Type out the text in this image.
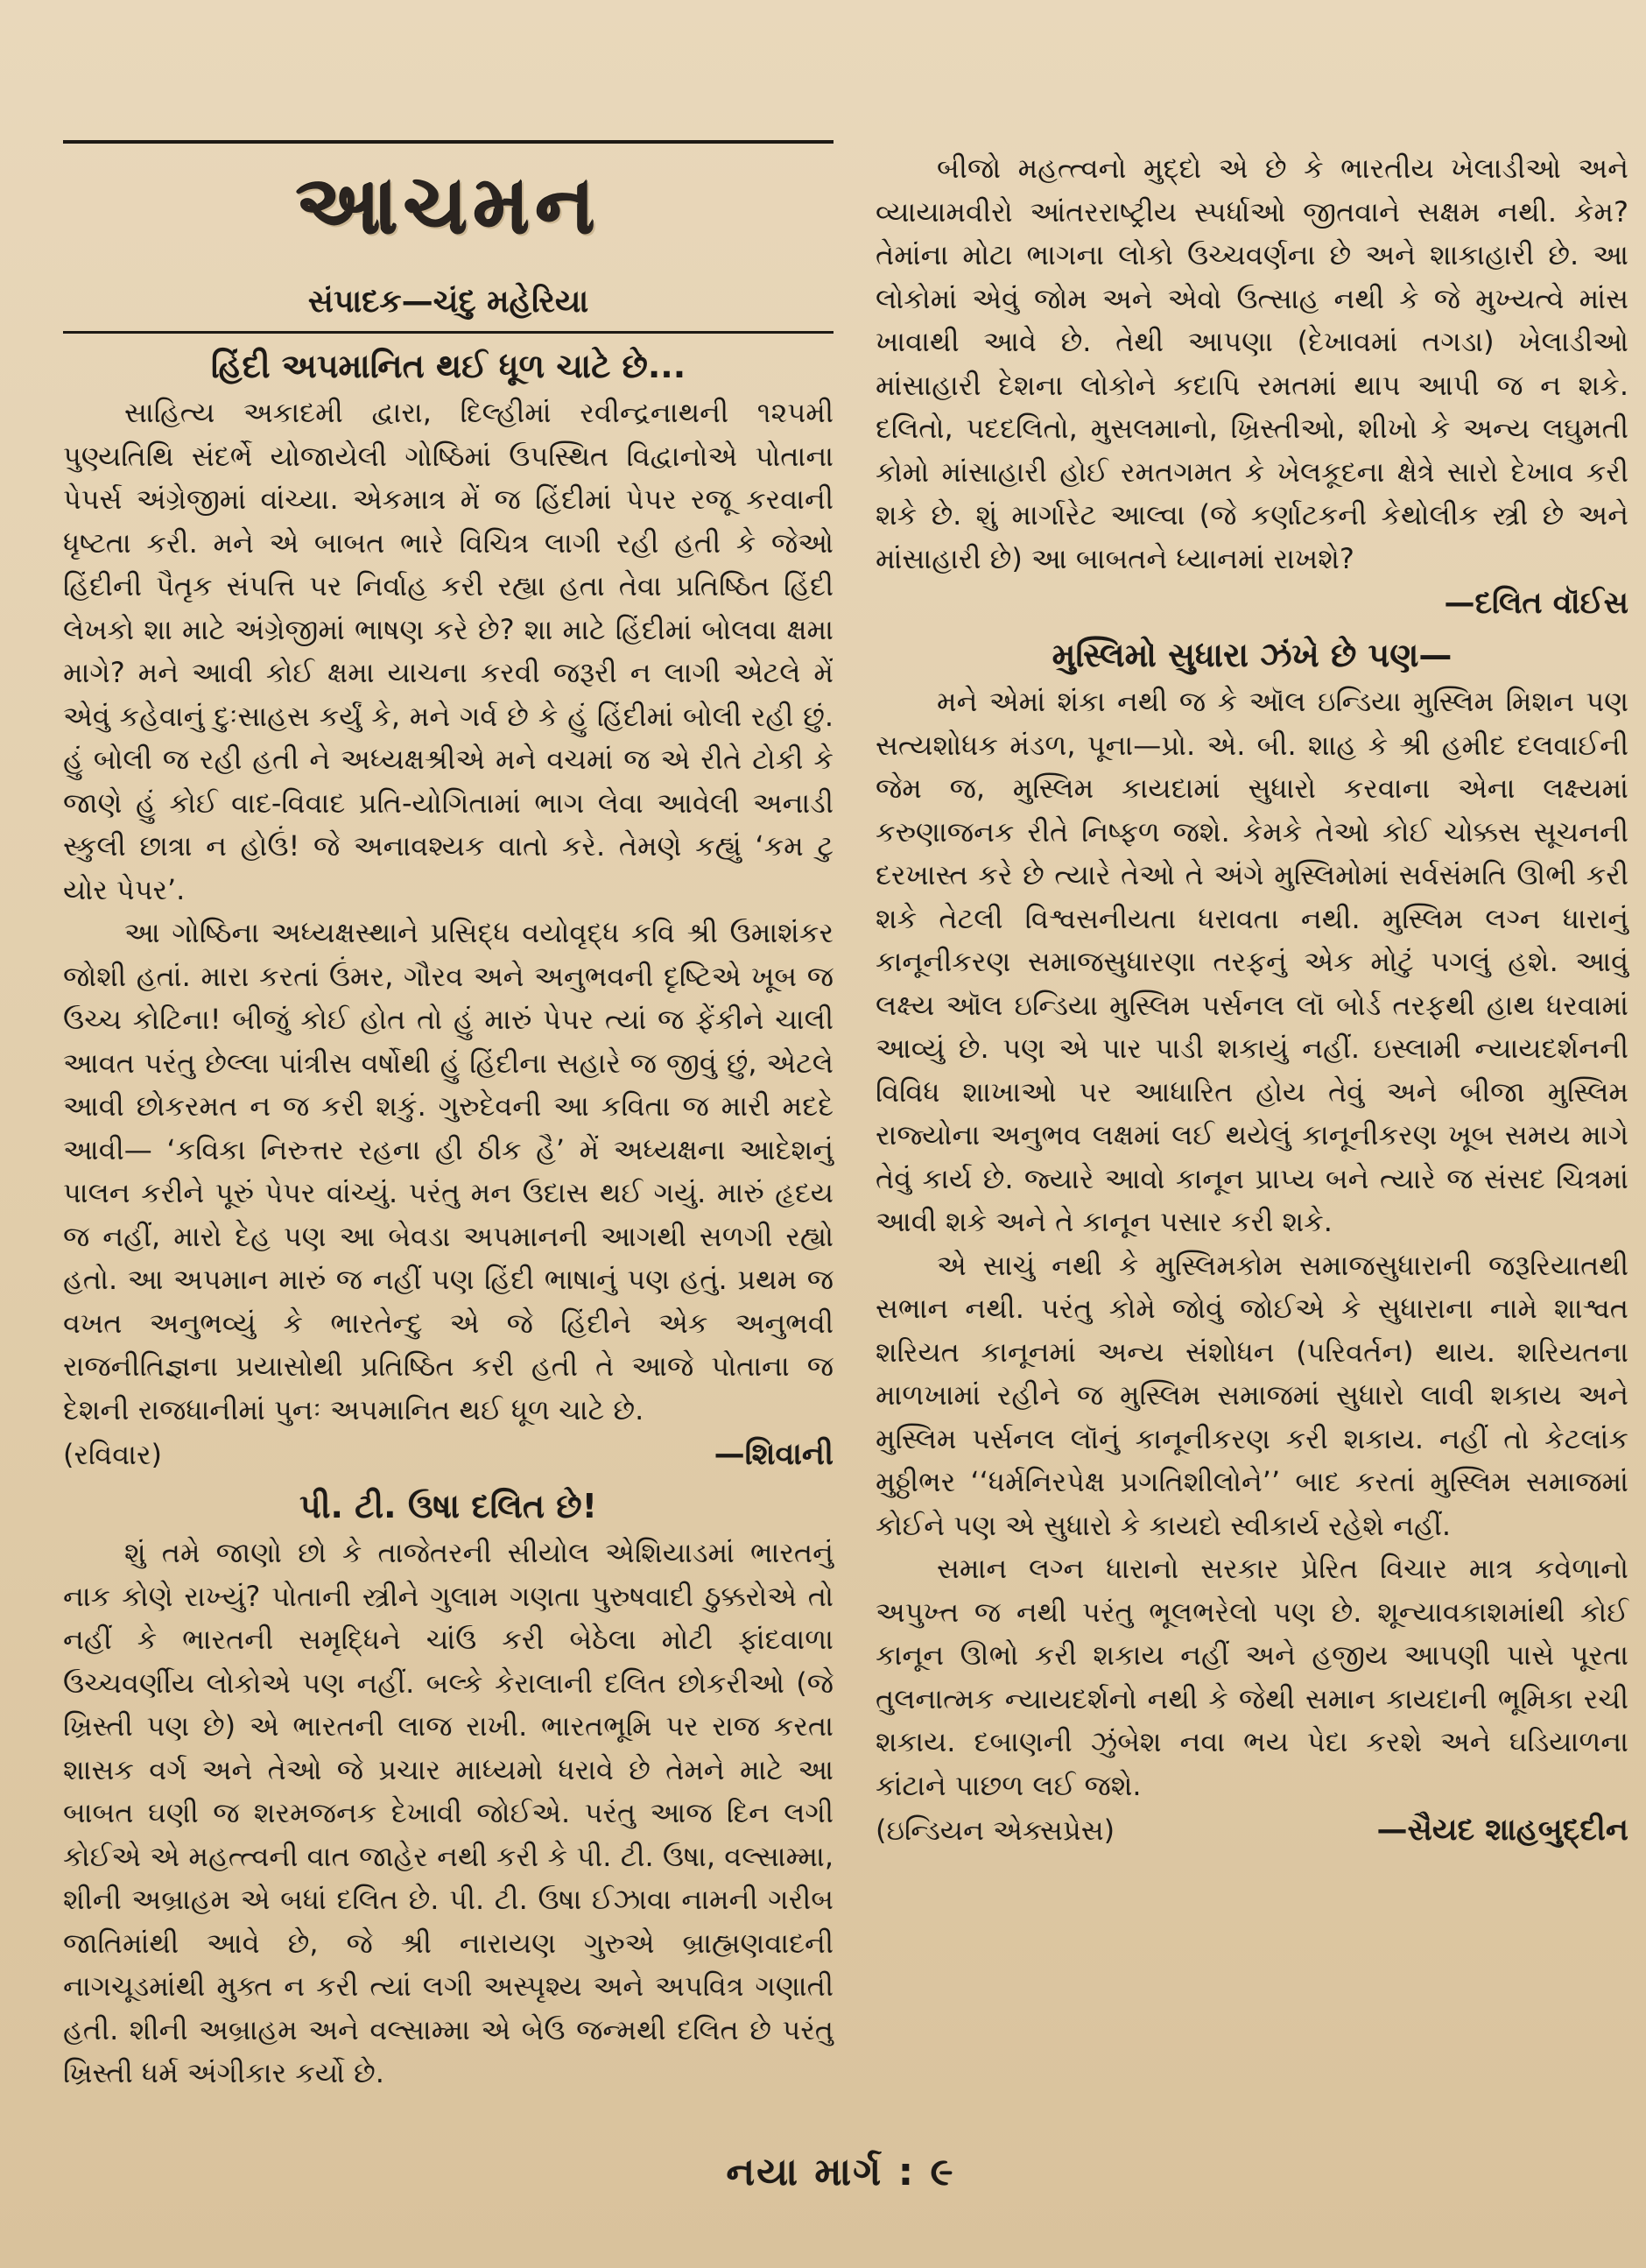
આચમન
સંપાદક—ચંદુ મહેરિયા
હિંદી અપમાનિત થઈ ધૂળ ચાટે છે...

સાહિત્ય અકાદમી દ્વારા, દિલ્હીમાં રવીન્દ્રનાથની ૧૨૫મી પુણ્યતિથિ સંદર્ભે યોજાયેલી ગોષ્ઠિમાં ઉપસ્થિત વિદ્વાનોએ પોતાના પેપર્સ અંગ્રેજીમાં વાંચ્યા. એકમાત્ર મેં જ હિંદીમાં પેપર રજૂ કરવાની ધૃષ્ટતા કરી. મને એ બાબત ભારે વિચિત્ર લાગી રહી હતી કે જેઓ હિંદીની પૈતૃક સંપત્તિ પર નિર્વાહ કરી રહ્યા હતા તેવા પ્રતિષ્ઠિત હિંદી લેખકો શા માટે અંગ્રેજીમાં ભાષણ કરે છે? શા માટે હિંદીમાં બોલવા ક્ષમા માગે? મને આવી કોઈ ક્ષમા યાચના કરવી જરૂરી ન લાગી એટલે મેં એવું કહેવાનું દુઃસાહસ કર્યું કે, મને ગર્વ છે કે હું હિંદીમાં બોલી રહી છું. હું બોલી જ રહી હતી ને અધ્યક્ષશ્રીએ મને વચમાં જ એ રીતે ટોકી કે જાણે હું કોઈ વાદ-વિવાદ પ્રતિ-યોગિતામાં ભાગ લેવા આવેલી અનાડી સ્કુલી છાત્રા ન હોઉં! જે અનાવશ્યક વાતો કરે. તેમણે કહ્યું ‘કમ ટુ યોર પેપર’.

આ ગોષ્ઠિના અધ્યક્ષસ્થાને પ્રસિદ્ધ વયોવૃદ્ધ કવિ શ્રી ઉમાશંકર જોશી હતાં. મારા કરતાં ઉંમર, ગૌરવ અને અનુભવની દૃષ્ટિએ ખૂબ જ ઉચ્ચ કોટિના! બીજું કોઈ હોત તો હું મારું પેપર ત્યાં જ ફેંકીને ચાલી આવત પરંતુ છેલ્લા પાંત્રીસ વર્ષોથી હું હિંદીના સહારે જ જીવું છું, એટલે આવી છોકરમત ન જ કરી શકું. ગુરુદેવની આ કવિતા જ મારી મદદે આવી— ‘કવિકા નિરુત્તર રહના હી ઠીક હૈ’ મેં અધ્યક્ષના આદેશનું પાલન કરીને પૂરું પેપર વાંચ્યું. પરંતુ મન ઉદાસ થઈ ગયું. મારું હૃદય જ નહીં, મારો દેહ પણ આ બેવડા અપમાનની આગથી સળગી રહ્યો હતો. આ અપમાન મારું જ નહીં પણ હિંદી ભાષાનું પણ હતું. પ્રથમ જ વખત અનુભવ્યું કે ભારતેન્દુ એ જે હિંદીને એક અનુભવી રાજનીતિજ્ઞના પ્રયાસોથી પ્રતિષ્ઠિત કરી હતી તે આજે પોતાના જ દેશની રાજધાનીમાં પુનઃ અપમાનિત થઈ ધૂળ ચાટે છે.

(રવિવાર)	—શિવાની
પી. ટી. ઉષા દલિત છે!

શું તમે જાણો છો કે તાજેતરની સીયોલ એશિયાડમાં ભારતનું નાક કોણે રાખ્યું? પોતાની સ્ત્રીને ગુલામ ગણતા પુરુષવાદી ઠુક્કરોએ તો નહીં કે ભારતની સમૃદ્ધિને ચાંઉ કરી બેઠેલા મોટી ફાંદવાળા ઉચ્ચવર્ણીય લોકોએ પણ નહીં. બલ્કે કેરાલાની દલિત છોકરીઓ (જે ખ્રિસ્તી પણ છે) એ ભારતની લાજ રાખી. ભારતભૂમિ પર રાજ કરતા શાસક વર્ગ અને તેઓ જે પ્રચાર માધ્યમો ધરાવે છે તેમને માટે આ બાબત ઘણી જ શરમજનક દેખાવી જોઈએ. પરંતુ આજ દિન લગી કોઈએ એ મહત્ત્વની વાત જાહેર નથી કરી કે પી. ટી. ઉષા, વલ્સામ્મા, શીની અબ્રાહમ એ બધાં દલિત છે. પી. ટી. ઉષા ઈઝાવા નામની ગરીબ જાતિમાંથી આવે છે, જે શ્રી નારાયણ ગુરુએ બ્રાહ્મણવાદની નાગચૂડમાંથી મુક્ત ન કરી ત્યાં લગી અસ્પૃશ્ય અને અપવિત્ર ગણાતી હતી. શીની અબ્રાહમ અને વલ્સામ્મા એ બેઉ જન્મથી દલિત છે પરંતુ ખ્રિસ્તી ધર્મ અંગીકાર કર્યો છે.

બીજો મહત્ત્વનો મુદ્દો એ છે કે ભારતીય ખેલાડીઓ અને વ્યાયામવીરો આંતરરાષ્ટ્રીય સ્પર્ધાઓ જીતવાને સક્ષમ નથી. કેમ? તેમાંના મોટા ભાગના લોકો ઉચ્ચવર્ણના છે અને શાકાહારી છે. આ લોકોમાં એવું જોમ અને એવો ઉત્સાહ નથી કે જે મુખ્યત્વે માંસ ખાવાથી આવે છે. તેથી આપણા (દેખાવમાં તગડા) ખેલાડીઓ માંસાહારી દેશના લોકોને કદાપિ રમતમાં થાપ આપી જ ન શકે. દલિતો, પદદલિતો, મુસલમાનો, ખ્રિસ્તીઓ, શીખો કે અન્ય લઘુમતી કોમો માંસાહારી હોઈ રમતગમત કે ખેલકૂદના ક્ષેત્રે સારો દેખાવ કરી શકે છે. શું માર્ગારેટ આલ્વા (જે કર્ણાટકની કેથોલીક સ્ત્રી છે અને માંસાહારી છે) આ બાબતને ધ્યાનમાં રાખશે?

—દલિત વૉઈસ
મુસ્લિમો સુધારા ઝંખે છે પણ—

મને એમાં શંકા નથી જ કે ઑલ ઇન્ડિયા મુસ્લિમ મિશન પણ સત્યશોધક મંડળ, પૂના—પ્રો. એ. બી. શાહ કે શ્રી હમીદ દલવાઈની જેમ જ, મુસ્લિમ કાયદામાં સુધારો કરવાના એના લક્ષ્યમાં કરુણાજનક રીતે નિષ્ફળ જશે. કેમકે તેઓ કોઈ ચોક્કસ સૂચનની દરખાસ્ત કરે છે ત્યારે તેઓ તે અંગે મુસ્લિમોમાં સર્વસંમતિ ઊભી કરી શકે તેટલી વિશ્વસનીયતા ધરાવતા નથી. મુસ્લિમ લગ્ન ધારાનું કાનૂનીકરણ સમાજસુધારણા તરફનું એક મોટું પગલું હશે. આવું લક્ષ્ય ઑલ ઇન્ડિયા મુસ્લિમ પર્સનલ લૉ બોર્ડ તરફથી હાથ ધરવામાં આવ્યું છે. પણ એ પાર પાડી શકાયું નહીં. ઇસ્લામી ન્યાયદર્શનની વિવિધ શાખાઓ પર આધારિત હોય તેવું અને બીજા મુસ્લિમ રાજ્યોના અનુભવ લક્ષમાં લઈ થયેલું કાનૂનીકરણ ખૂબ સમય માગે તેવું કાર્ય છે. જ્યારે આવો કાનૂન પ્રાપ્ય બને ત્યારે જ સંસદ ચિત્રમાં આવી શકે અને તે કાનૂન પસાર કરી શકે.

એ સાચું નથી કે મુસ્લિમકોમ સમાજસુધારાની જરૂરિયાતથી સભાન નથી. પરંતુ કોમે જોવું જોઈએ કે સુધારાના નામે શાશ્વત શરિયત કાનૂનમાં અન્ય સંશોધન (પરિવર્તન) થાય. શરિયતના માળખામાં રહીને જ મુસ્લિમ સમાજમાં સુધારો લાવી શકાય અને મુસ્લિમ પર્સનલ લૉનું કાનૂનીકરણ કરી શકાય. નહીં તો કેટલાંક મુઠ્ઠીભર ‘‘ધર્મનિરપેક્ષ પ્રગતિશીલોને’’ બાદ કરતાં મુસ્લિમ સમાજમાં કોઈને પણ એ સુધારો કે કાયદો સ્વીકાર્ય રહેશે નહીં.

સમાન લગ્ન ધારાનો સરકાર પ્રેરિત વિચાર માત્ર કવેળાનો અપુખ્ત જ નથી પરંતુ ભૂલભરેલો પણ છે. શૂન્યાવકાશમાંથી કોઈ કાનૂન ઊભો કરી શકાય નહીં અને હજીય આપણી પાસે પૂરતા તુલનાત્મક ન્યાયદર્શનો નથી કે જેથી સમાન કાયદાની ભૂમિકા રચી શકાય. દબાણની ઝુંબેશ નવા ભય પેદા કરશે અને ઘડિયાળના કાંટાને પાછળ લઈ જશે.

(ઇન્ડિયન એક્સપ્રેસ)	—સૈયદ શાહબુદ્દીન
નયા માર્ગ : ૯
